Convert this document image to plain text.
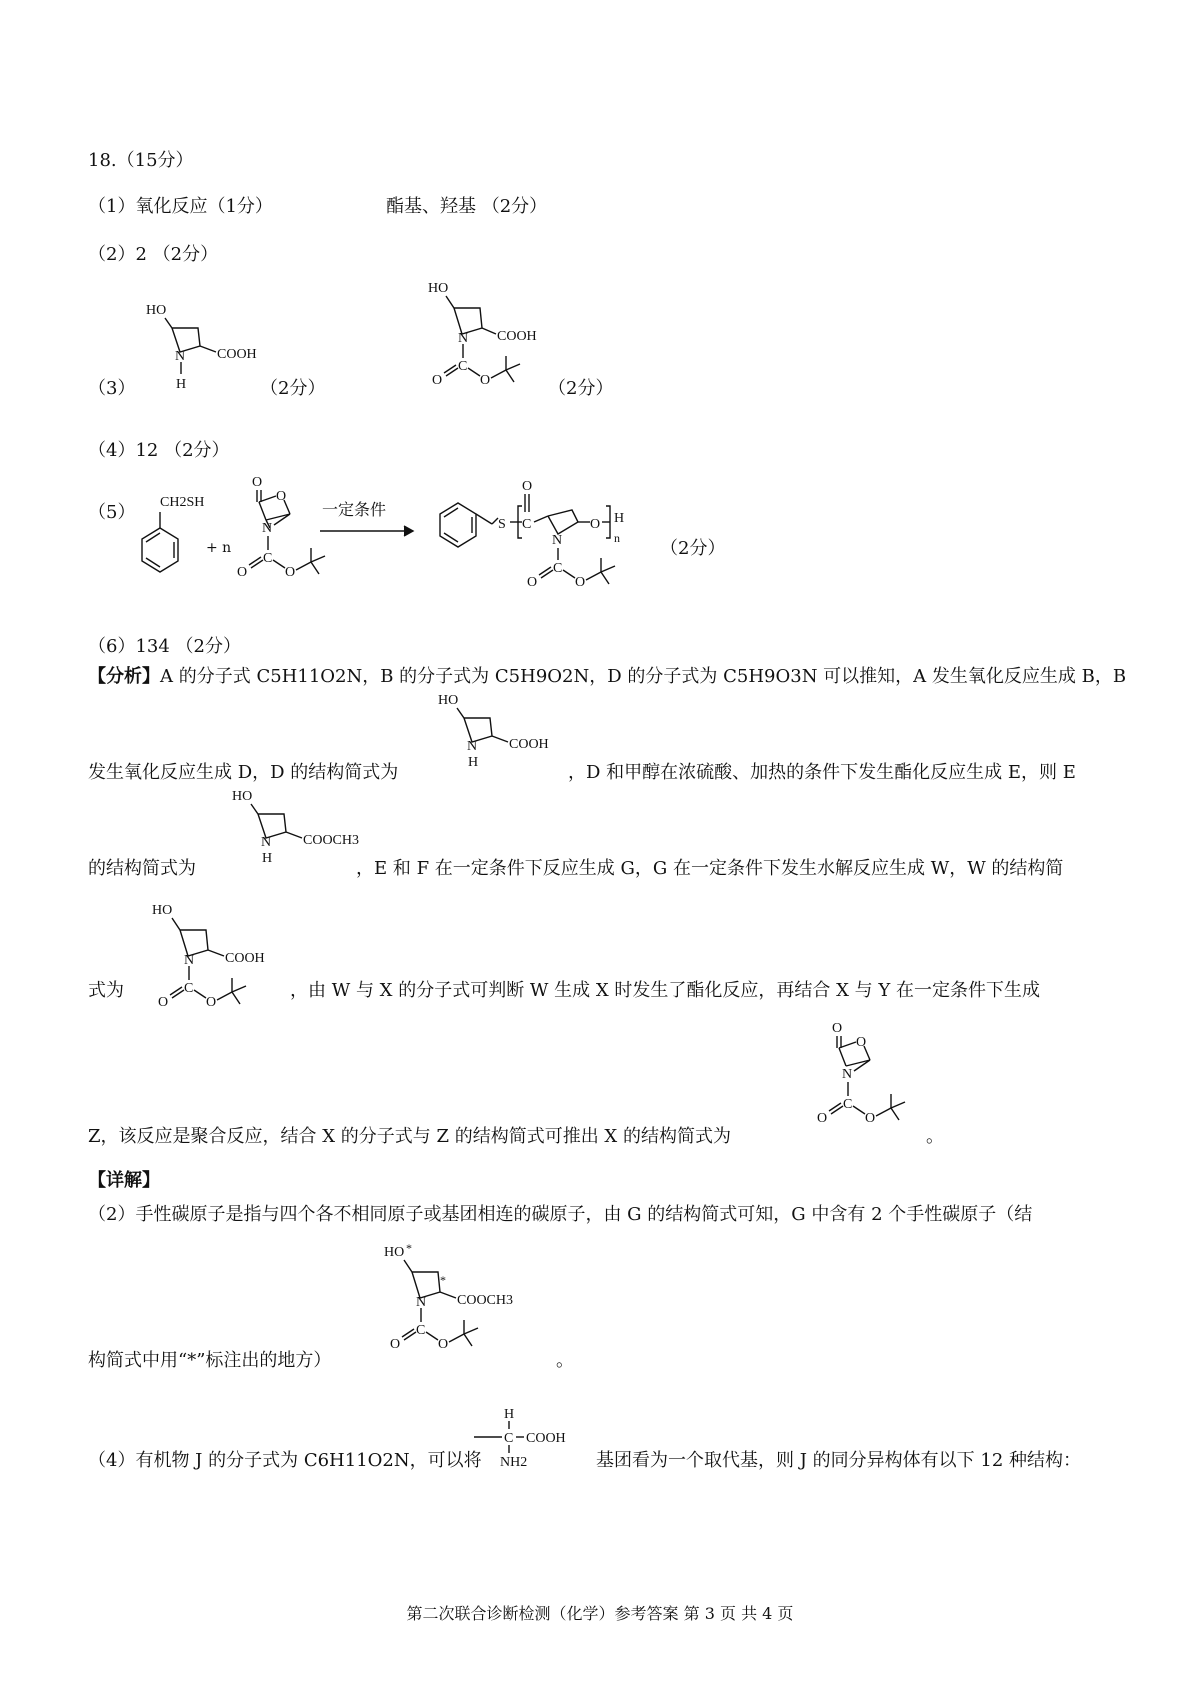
18.（15分）
（1）氧化反应（1分）	酯基、羟基 （2分）
（2）2 （2分）
（3）
HO
N COOH
H	（2分）
HO
N COOH
C
O	O	（2分）
（4）12 （2分）
（5） CH2SH
+ n
O
O
N
C
O	O
一定条件
S C
O
N
O
n
H
C
O	O
（2分）
（6）134 （2分）
【分析】A 的分子式 C5H11O2N，B 的分子式为 C5H9O2N，D 的分子式为 C5H9O3N 可以推知，A 发生氧化反应生成 B，B
发生氧化反应生成 D，D 的结构简式为
HO
N COOH
H	，D 和甲醇在浓硫酸、加热的条件下发生酯化反应生成 E，则 E
的结构简式为
HO
N COOCH3
H	，E 和 F 在一定条件下反应生成 G，G 在一定条件下发生水解反应生成 W，W 的结构简
式为
HO
N COOH
C
O	O
，由 W 与 X 的分子式可判断 W 生成 X 时发生了酯化反应，再结合 X 与 Y 在一定条件下生成
Z，该反应是聚合反应，结合 X 的分子式与 Z 的结构简式可推出 X 的结构简式为
O
O
N
C
O	O
。
【详解】
（2）手性碳原子是指与四个各不相同原子或基团相连的碳原子，由 G 的结构简式可知，G 中含有 2 个手性碳原子（结
构简式中用“*”标注出的地方）
HO *
*
N COOCH3
C
O	O
。
（4）有机物 J 的分子式为 C6H11O2N，可以将
H
C COOH
NH2	基团看为一个取代基，则 J 的同分异构体有以下 12 种结构：
第二次联合诊断检测（化学）参考答案 第 3 页 共 4 页
